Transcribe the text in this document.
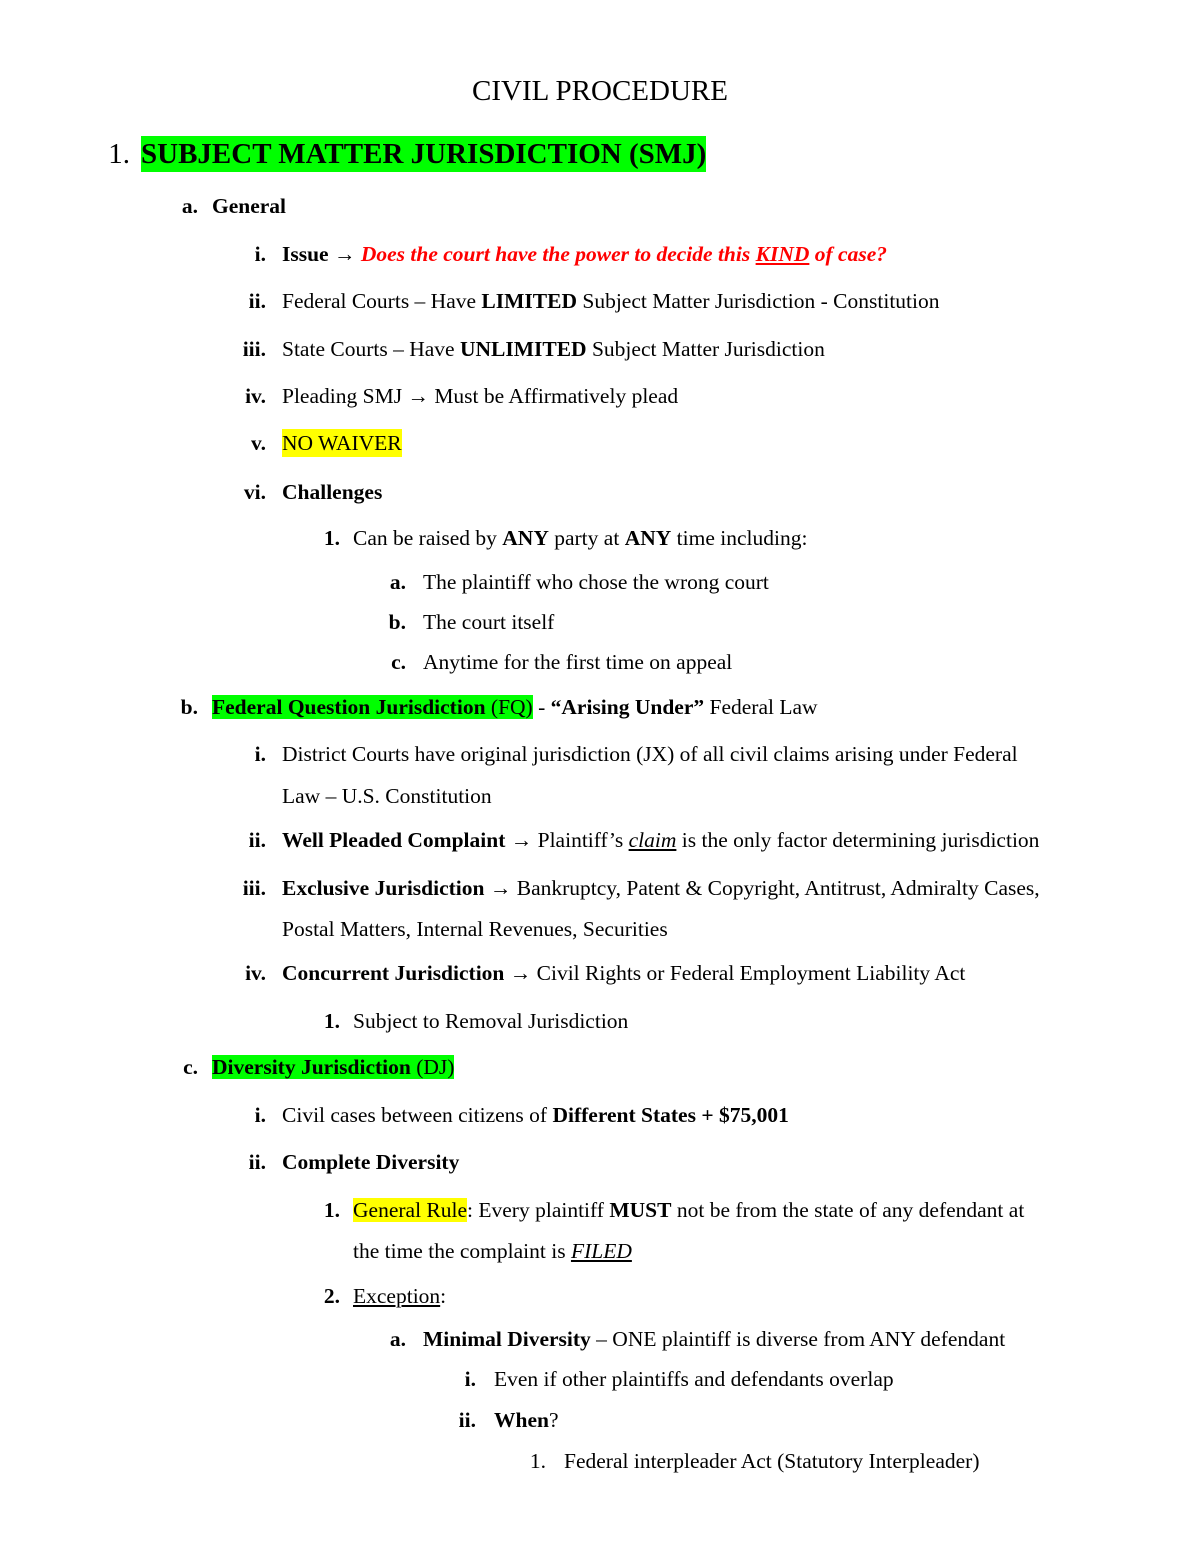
CIVIL PROCEDURE
1. SUBJECT MATTER JURISDICTION (SMJ)
a. General
i. Issue → Does the court have the power to decide this KIND of case?
ii. Federal Courts – Have LIMITED Subject Matter Jurisdiction - Constitution
iii. State Courts – Have UNLIMITED Subject Matter Jurisdiction
iv. Pleading SMJ → Must be Affirmatively plead
v. NO WAIVER
vi. Challenges
1. Can be raised by ANY party at ANY time including:
a. The plaintiff who chose the wrong court
b. The court itself
c. Anytime for the first time on appeal
b. Federal Question Jurisdiction (FQ) - “Arising Under” Federal Law
i. District Courts have original jurisdiction (JX) of all civil claims arising under Federal
Law – U.S. Constitution
ii. Well Pleaded Complaint → Plaintiff’s claim is the only factor determining jurisdiction
iii. Exclusive Jurisdiction → Bankruptcy, Patent & Copyright, Antitrust, Admiralty Cases,
Postal Matters, Internal Revenues, Securities
iv. Concurrent Jurisdiction → Civil Rights or Federal Employment Liability Act
1. Subject to Removal Jurisdiction
c. Diversity Jurisdiction (DJ)
i. Civil cases between citizens of Different States + $75,001
ii. Complete Diversity
1. General Rule: Every plaintiff MUST not be from the state of any defendant at
the time the complaint is FILED
2. Exception:
a. Minimal Diversity – ONE plaintiff is diverse from ANY defendant
i. Even if other plaintiffs and defendants overlap
ii. When?
1. Federal interpleader Act (Statutory Interpleader)
